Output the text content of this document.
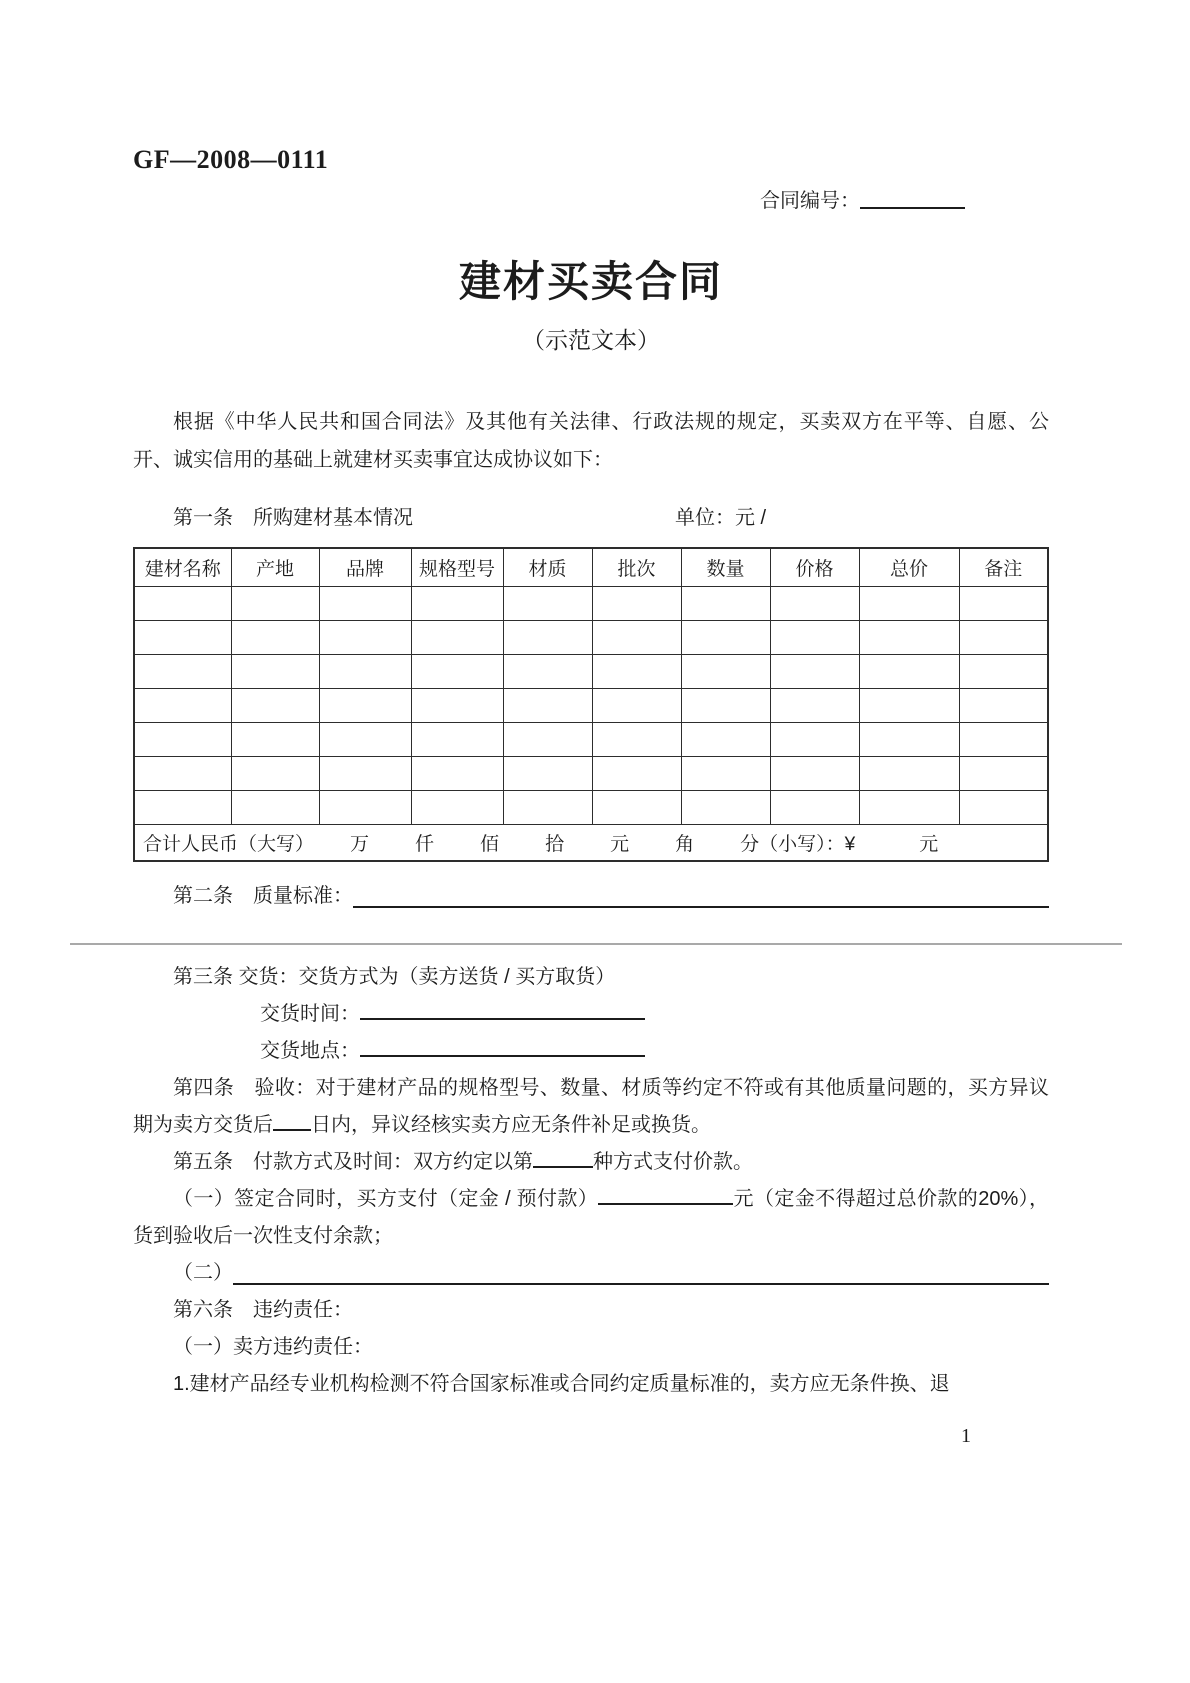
GF—2008—0111
合同编号：
建材买卖合同
（示范文本）

根据《中华人民共和国合同法》及其他有关法律、行政法规的规定，买卖双方在平等、自愿、公开、诚实信用的基础上就建材买卖事宜达成协议如下：

第一条　所购建材基本情况	单位：元 /
建材名称	产地	品牌	规格型号	材质	批次	数量	价格	总价	备注

合计人民币（大写） 万 仟 佰 拾 元 角 分（小写）：¥	元
第二条　质量标准：

第三条 交货：交货方式为（卖方送货 / 买方取货）

交货时间：
交货地点：

第四条　验收：对于建材产品的规格型号、数量、材质等约定不符或有其他质量问题的，买方异议期为卖方交货后 日内，异议经核实卖方应无条件补足或换货。

第五条　付款方式及时间：双方约定以第	种方式支付价款。

（一）签定合同时，买方支付（定金 / 预付款）	元（定金不得超过总价款的20%），货到验收后一次性支付余款；

（二）

第六条　违约责任：

（一）卖方违约责任：

1.建材产品经专业机构检测不符合国家标准或合同约定质量标准的，卖方应无条件换、退

1
